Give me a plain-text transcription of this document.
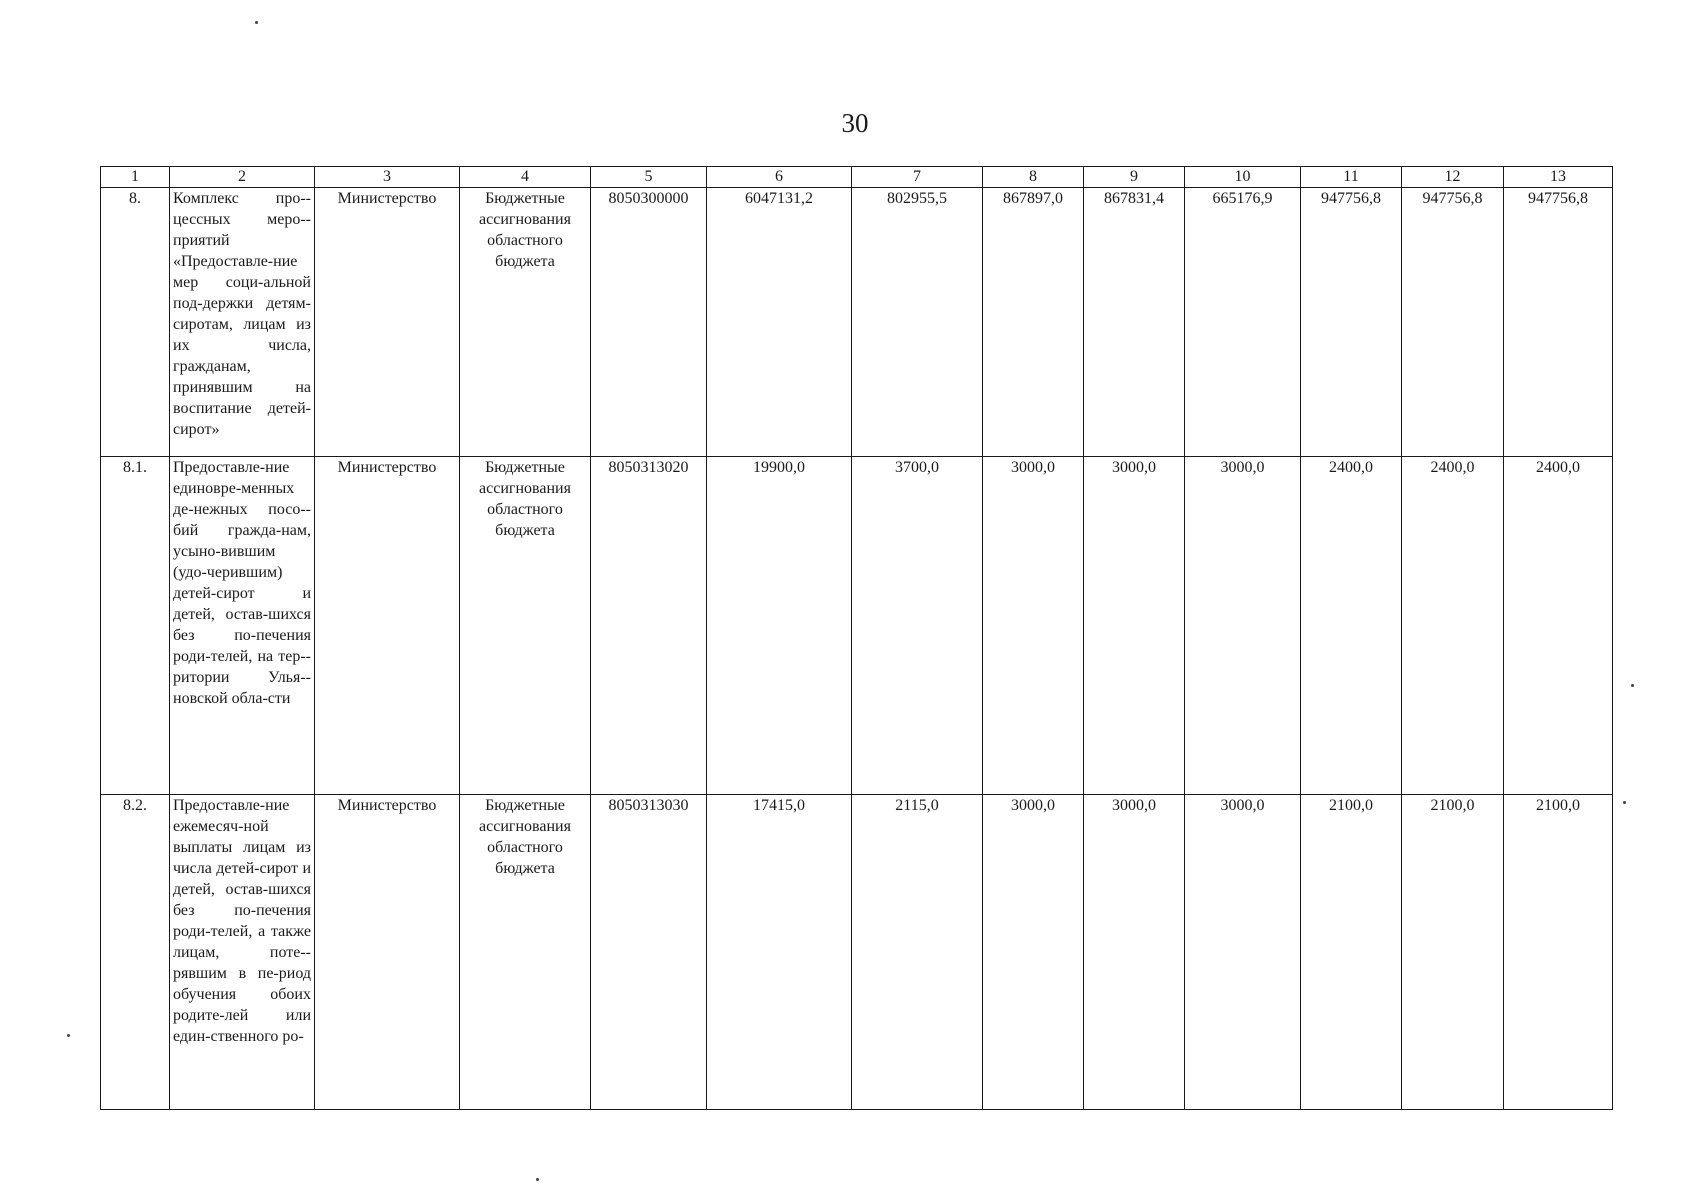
30
1	2	3	4	5	6	7	8	9	10	11	12	13
8.	Комплекс про-цессных меро-приятий «Предоставле-ние мер соци-альной под-держки детям-сиротам, лицам из их числа, гражданам, принявшим на воспитание детей-сирот»	Министерство	Бюджетные ассигнования областного бюджета	8050300000	6047131,2	802955,5	867897,0	867831,4	665176,9	947756,8	947756,8	947756,8
8.1.	Предоставле-ние единовре-менных де-нежных посо-бий гражда-нам, усыно-вившим (удо-черившим) детей-сирот и детей, остав-шихся без по-печения роди-телей, на тер-ритории Улья-новской обла-сти	Министерство	Бюджетные ассигнования областного бюджета	8050313020	19900,0	3700,0	3000,0	3000,0	3000,0	2400,0	2400,0	2400,0
8.2.	Предоставле-ние ежемесяч-ной выплаты лицам из числа детей-сирот и детей, остав-шихся без по-печения роди-телей, а также лицам, поте-рявшим в пе-риод обучения обоих родите-лей или един-ственного ро-	Министерство	Бюджетные ассигнования областного бюджета	8050313030	17415,0	2115,0	3000,0	3000,0	3000,0	2100,0	2100,0	2100,0
